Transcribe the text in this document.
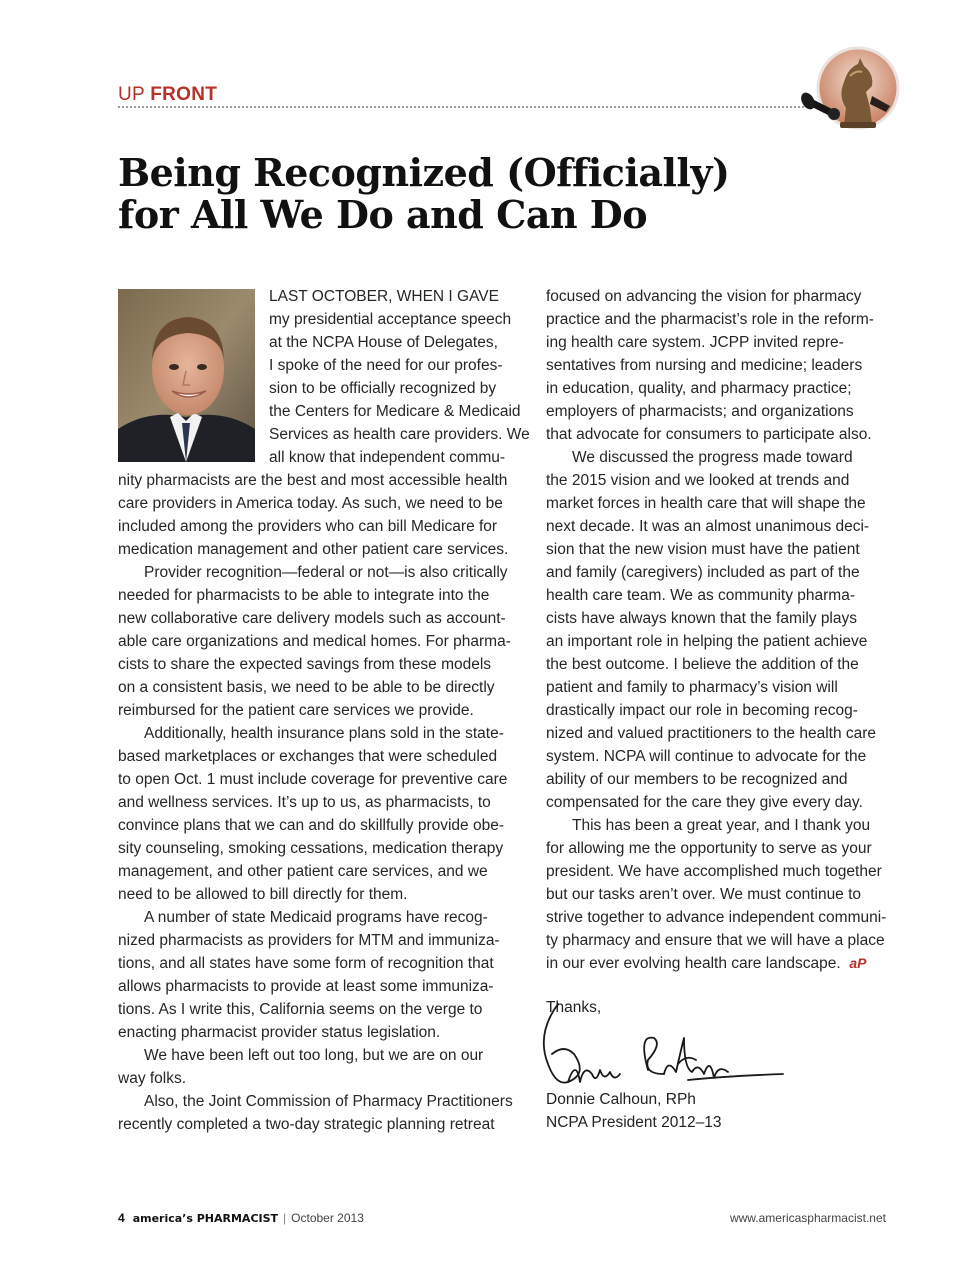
UP FRONT
Being Recognized (Officially)
for All We Do and Can Do
LAST OCTOBER, WHEN I GAVE
my presidential acceptance speech
at the NCPA House of Delegates,
I spoke of the need for our profes-
sion to be officially recognized by
the Centers for Medicare & Medicaid
Services as health care providers. We
all know that independent commu-
nity pharmacists are the best and most accessible health
care providers in America today. As such, we need to be
included among the providers who can bill Medicare for
medication management and other patient care services.
Provider recognition—federal or not—is also critically
needed for pharmacists to be able to integrate into the
new collaborative care delivery models such as account-
able care organizations and medical homes. For pharma-
cists to share the expected savings from these models
on a consistent basis, we need to be able to be directly
reimbursed for the patient care services we provide.
Additionally, health insurance plans sold in the state-
based marketplaces or exchanges that were scheduled
to open Oct. 1 must include coverage for preventive care
and wellness services. It’s up to us, as pharmacists, to
convince plans that we can and do skillfully provide obe-
sity counseling, smoking cessations, medication therapy
management, and other patient care services, and we
need to be allowed to bill directly for them.
A number of state Medicaid programs have recog-
nized pharmacists as providers for MTM and immuniza-
tions, and all states have some form of recognition that
allows pharmacists to provide at least some immuniza-
tions. As I write this, California seems on the verge to
enacting pharmacist provider status legislation.
We have been left out too long, but we are on our
way folks.
Also, the Joint Commission of Pharmacy Practitioners
recently completed a two-day strategic planning retreat
focused on advancing the vision for pharmacy
practice and the pharmacist’s role in the reform-
ing health care system. JCPP invited repre-
sentatives from nursing and medicine; leaders
in education, quality, and pharmacy practice;
employers of pharmacists; and organizations
that advocate for consumers to participate also.
We discussed the progress made toward
the 2015 vision and we looked at trends and
market forces in health care that will shape the
next decade. It was an almost unanimous deci-
sion that the new vision must have the patient
and family (caregivers) included as part of the
health care team. We as community pharma-
cists have always known that the family plays
an important role in helping the patient achieve
the best outcome. I believe the addition of the
patient and family to pharmacy’s vision will
drastically impact our role in becoming recog-
nized and valued practitioners to the health care
system. NCPA will continue to advocate for the
ability of our members to be recognized and
compensated for the care they give every day.
This has been a great year, and I thank you
for allowing me the opportunity to serve as your
president. We have accomplished much together
but our tasks aren’t over. We must continue to
strive together to advance independent communi-
ty pharmacy and ensure that we will have a place
in our ever evolving health care landscape. aP
Thanks,
Donnie Calhoun, RPh
NCPA President 2012–13
4 america’s PHARMACIST | October 2013	www.americaspharmacist.net
